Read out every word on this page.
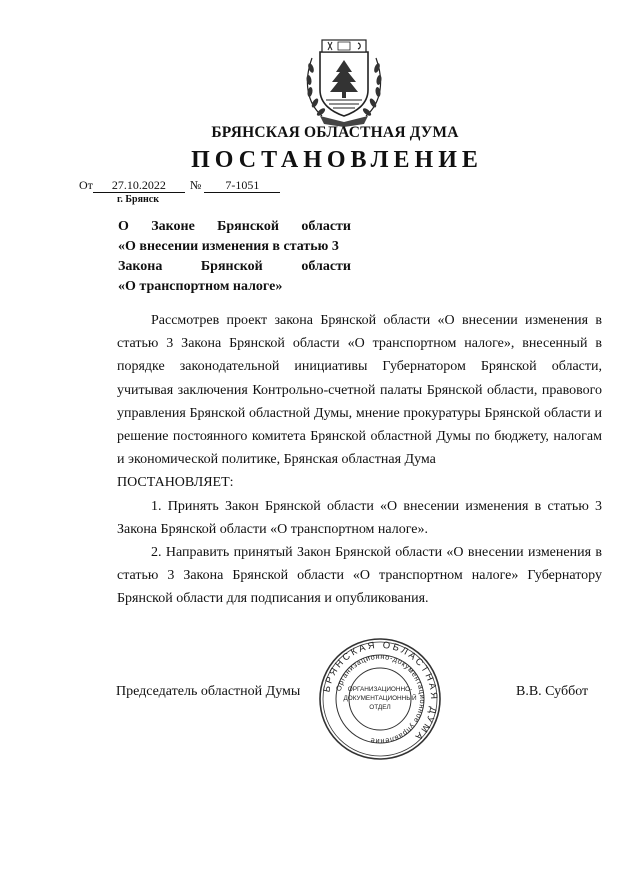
БРЯНСКАЯ ОБЛАСТНАЯ ДУМА
ПОСТАНОВЛЕНИЕ
От 27.10.2022 № 7-1051
г. Брянск
О Законе Брянской области
«О внесении изменения в статью 3
Закона Брянской области
«О транспортном налоге»

Рассмотрев проект закона Брянской области «О внесении изменения в статью 3 Закона Брянской области «О транспортном налоге», внесенный в порядке законодательной инициативы Губернатором Брянской области, учитывая заключения Контрольно-счетной палаты Брянской области, правового управления Брянской областной Думы, мнение прокуратуры Брянской области и решение постоянного комитета Брянской областной Думы по бюджету, налогам и экономической политике, Брянская областная Дума

ПОСТАНОВЛЯЕТ:

1. Принять Закон Брянской области «О внесении изменения в статью 3 Закона Брянской области «О транспортном налоге».

2. Направить принятый Закон Брянской области «О внесении изменения в статью 3 Закона Брянской области «О транспортном налоге» Губернатору Брянской области для подписания и опубликования.

Председатель областной Думы	В.В. Суббот
БРЯНСКАЯ ОБЛАСТНАЯ ДУМА
Организационно-документационное управление
ОРГАНИЗАЦИОННО-
ДОКУМЕНТАЦИОННЫЙ
ОТДЕЛ
